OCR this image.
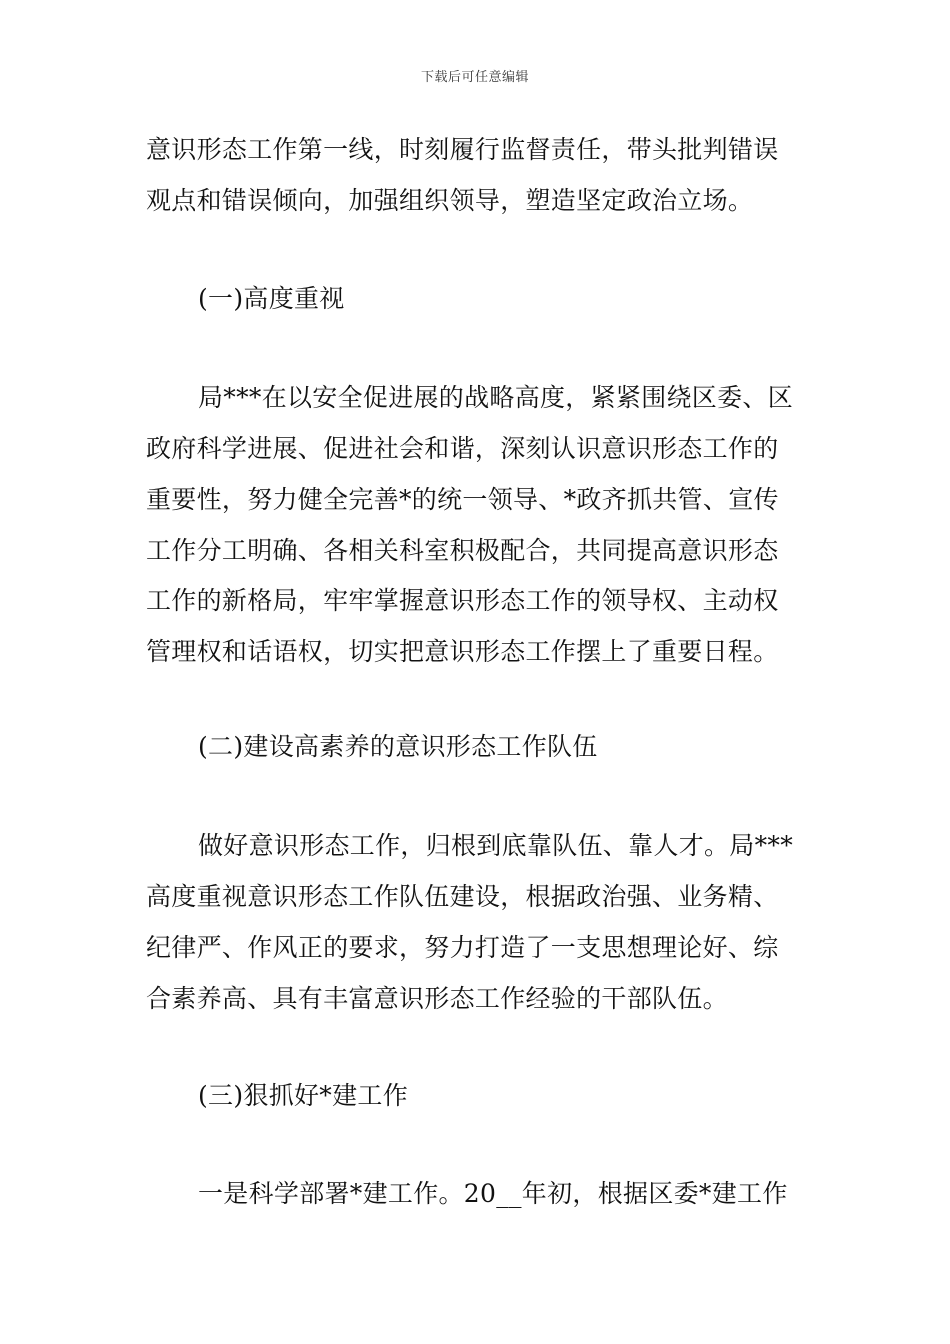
下载后可任意编辑
意识形态工作第一线，时刻履行监督责任，带头批判错误
观点和错误倾向，加强组织领导，塑造坚定政治立场。
(一)高度重视
局***在以安全促进展的战略高度，紧紧围绕区委、区
政府科学进展、促进社会和谐，深刻认识意识形态工作的
重要性，努力健全完善*的统一领导、*政齐抓共管、宣传
工作分工明确、各相关科室积极配合，共同提高意识形态
工作的新格局，牢牢掌握意识形态工作的领导权、主动权
管理权和话语权，切实把意识形态工作摆上了重要日程。
(二)建设高素养的意识形态工作队伍
做好意识形态工作，归根到底靠队伍、靠人才。局***
高度重视意识形态工作队伍建设，根据政治强、业务精、
纪律严、作风正的要求，努力打造了一支思想理论好、综
合素养高、具有丰富意识形态工作经验的干部队伍。
(三)狠抓好*建工作
一是科学部署*建工作。20__年初，根据区委*建工作
